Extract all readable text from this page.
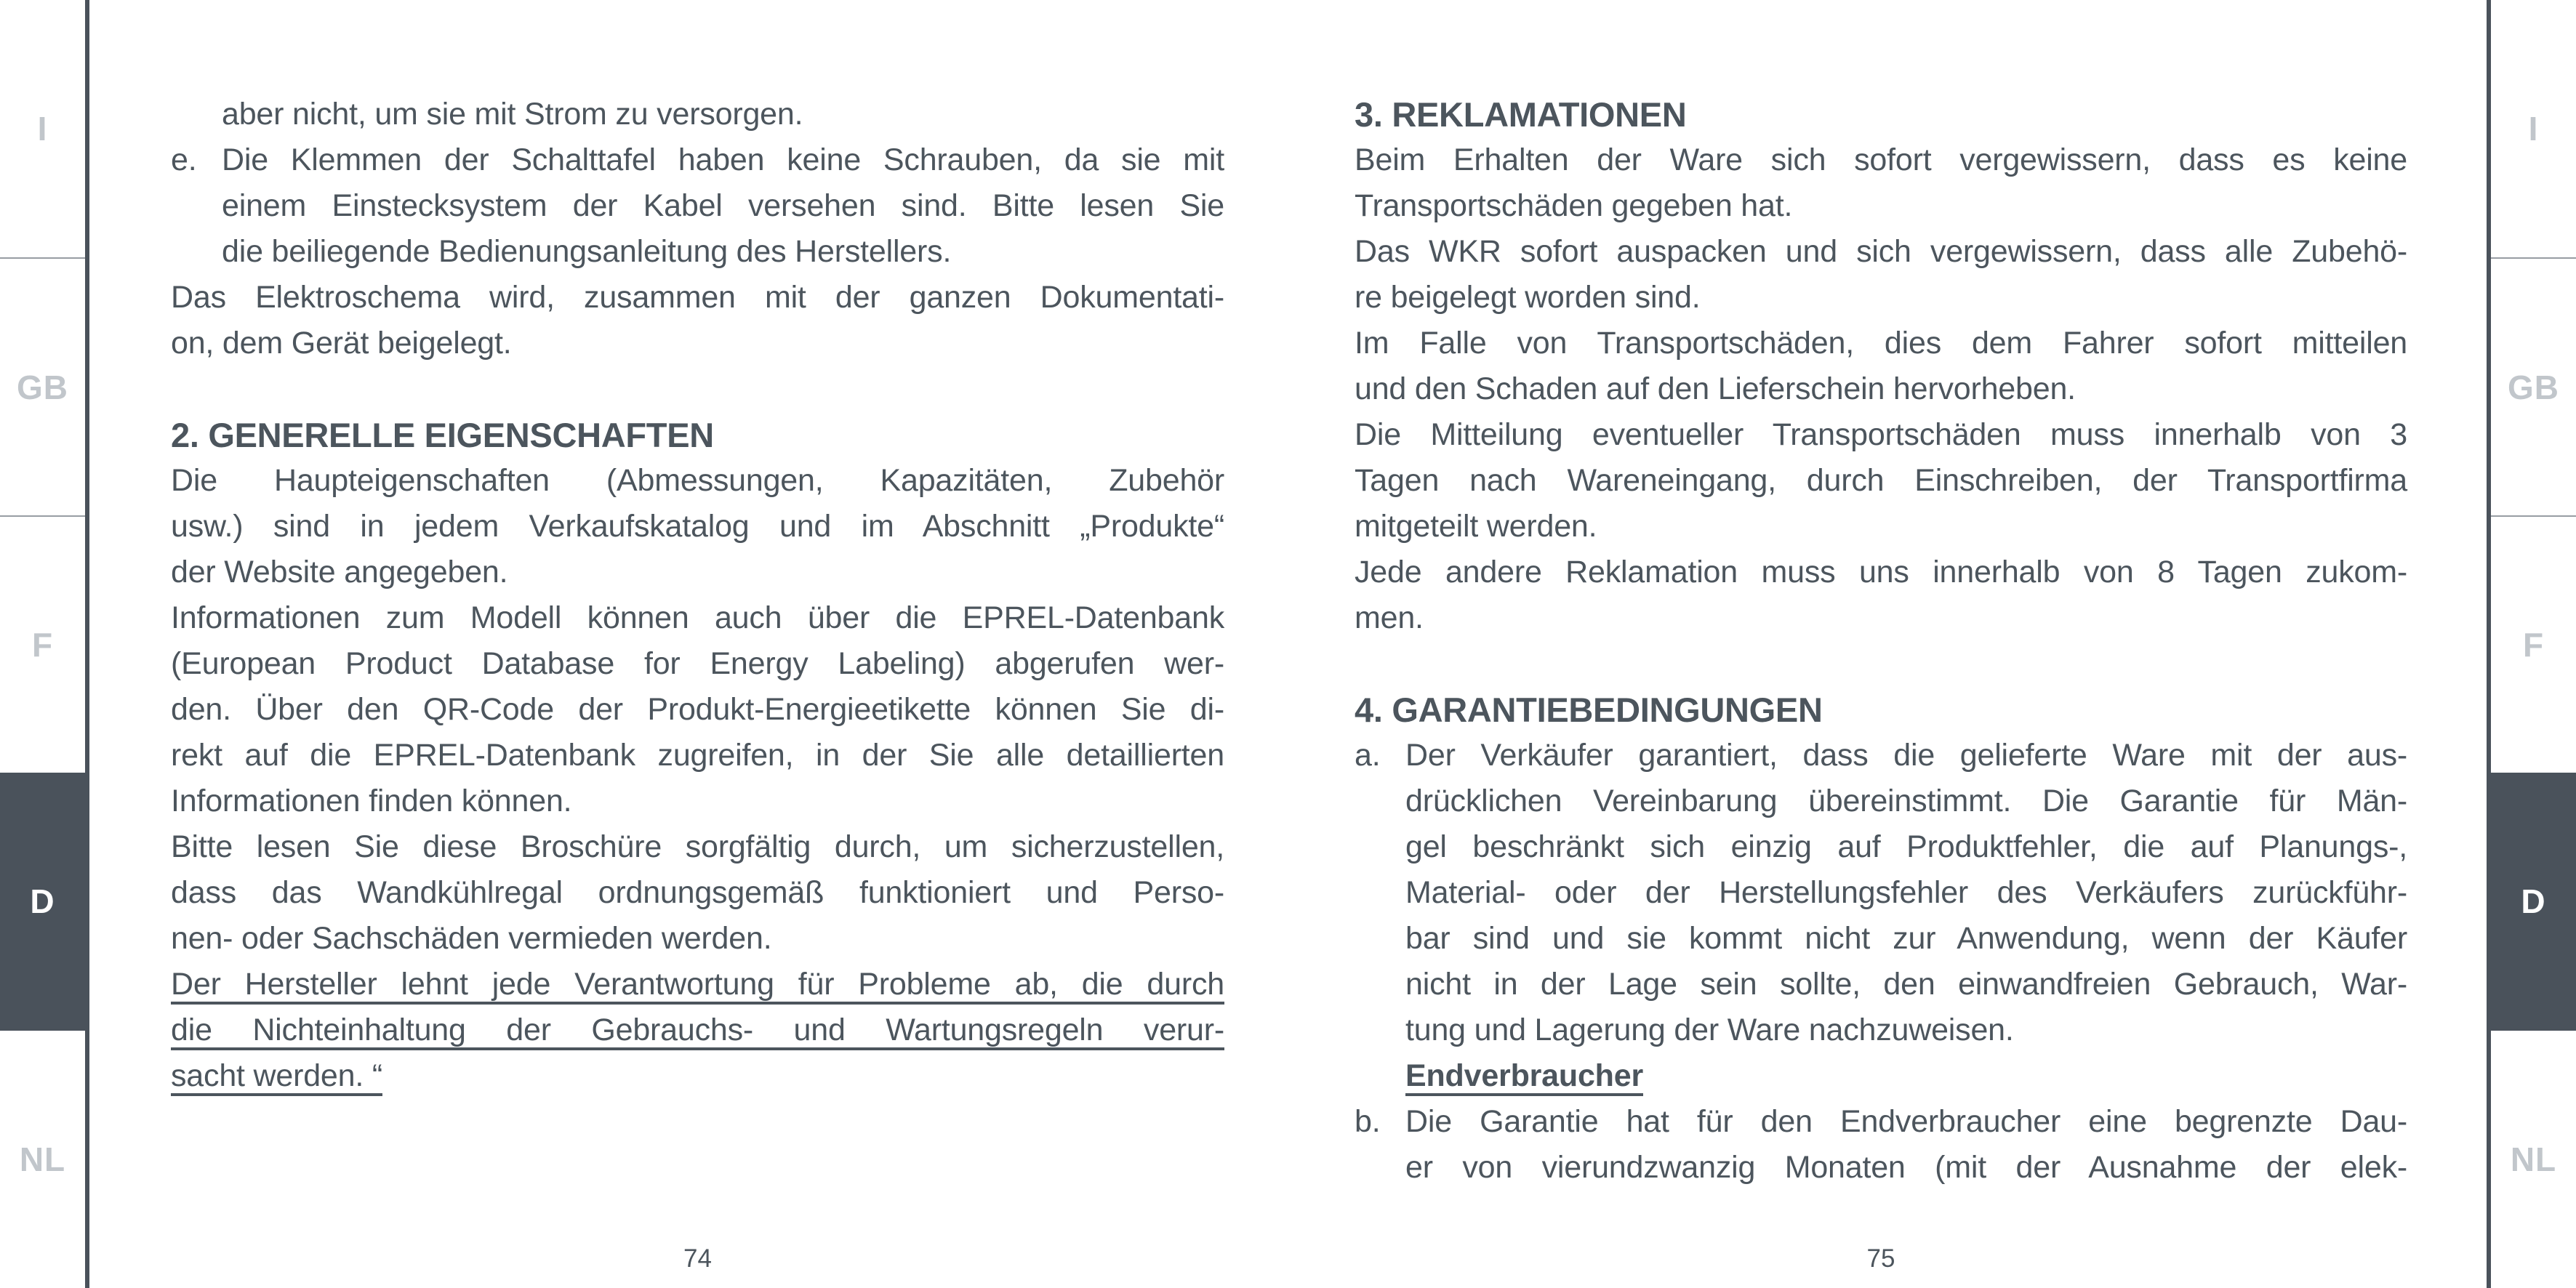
I
GB
F
D
NL
I
GB
F
D
NL
aber nicht, um sie mit Strom zu versorgen.
e. Die Klemmen der Schalttafel haben keine Schrauben, da sie mit
einem Einstecksystem der Kabel versehen sind. Bitte lesen Sie
die beiliegende Bedienungsanleitung des Herstellers.
Das Elektroschema wird, zusammen mit der ganzen Dokumentati-
on, dem Gerät beigelegt.
2. GENERELLE EIGENSCHAFTEN
Die Haupteigenschaften (Abmessungen, Kapazitäten, Zubehör
usw.) sind in jedem Verkaufskatalog und im Abschnitt „Produkte“
der Website angegeben.
Informationen zum Modell können auch über die EPREL-Datenbank
(European Product Database for Energy Labeling) abgerufen wer-
den. Über den QR-Code der Produkt-Energieetikette können Sie di-
rekt auf die EPREL-Datenbank zugreifen, in der Sie alle detaillierten
Informationen finden können.
Bitte lesen Sie diese Broschüre sorgfältig durch, um sicherzustellen,
dass das Wandkühlregal ordnungsgemäß funktioniert und Perso-
nen- oder Sachschäden vermieden werden.
Der Hersteller lehnt jede Verantwortung für Probleme ab, die durch
die Nichteinhaltung der Gebrauchs- und Wartungsregeln verur-
sacht werden. “
74
3. REKLAMATIONEN
Beim Erhalten der Ware sich sofort vergewissern, dass es keine
Transportschäden gegeben hat.
Das WKR sofort auspacken und sich vergewissern, dass alle Zubehö-
re beigelegt worden sind.
Im Falle von Transportschäden, dies dem Fahrer sofort mitteilen
und den Schaden auf den Lieferschein hervorheben.
Die Mitteilung eventueller Transportschäden muss innerhalb von 3
Tagen nach Wareneingang, durch Einschreiben, der Transportfirma
mitgeteilt werden.
Jede andere Reklamation muss uns innerhalb von 8 Tagen zukom-
men.
4. GARANTIEBEDINGUNGEN
a. Der Verkäufer garantiert, dass die gelieferte Ware mit der aus-
drücklichen Vereinbarung übereinstimmt. Die Garantie für Män-
gel beschränkt sich einzig auf Produktfehler, die auf Planungs-,
Material- oder der Herstellungsfehler des Verkäufers zurückführ-
bar sind und sie kommt nicht zur Anwendung, wenn der Käufer
nicht in der Lage sein sollte, den einwandfreien Gebrauch, War-
tung und Lagerung der Ware nachzuweisen.
Endverbraucher
b. Die Garantie hat für den Endverbraucher eine begrenzte Dau-
er von vierundzwanzig Monaten (mit der Ausnahme der elek-
75
